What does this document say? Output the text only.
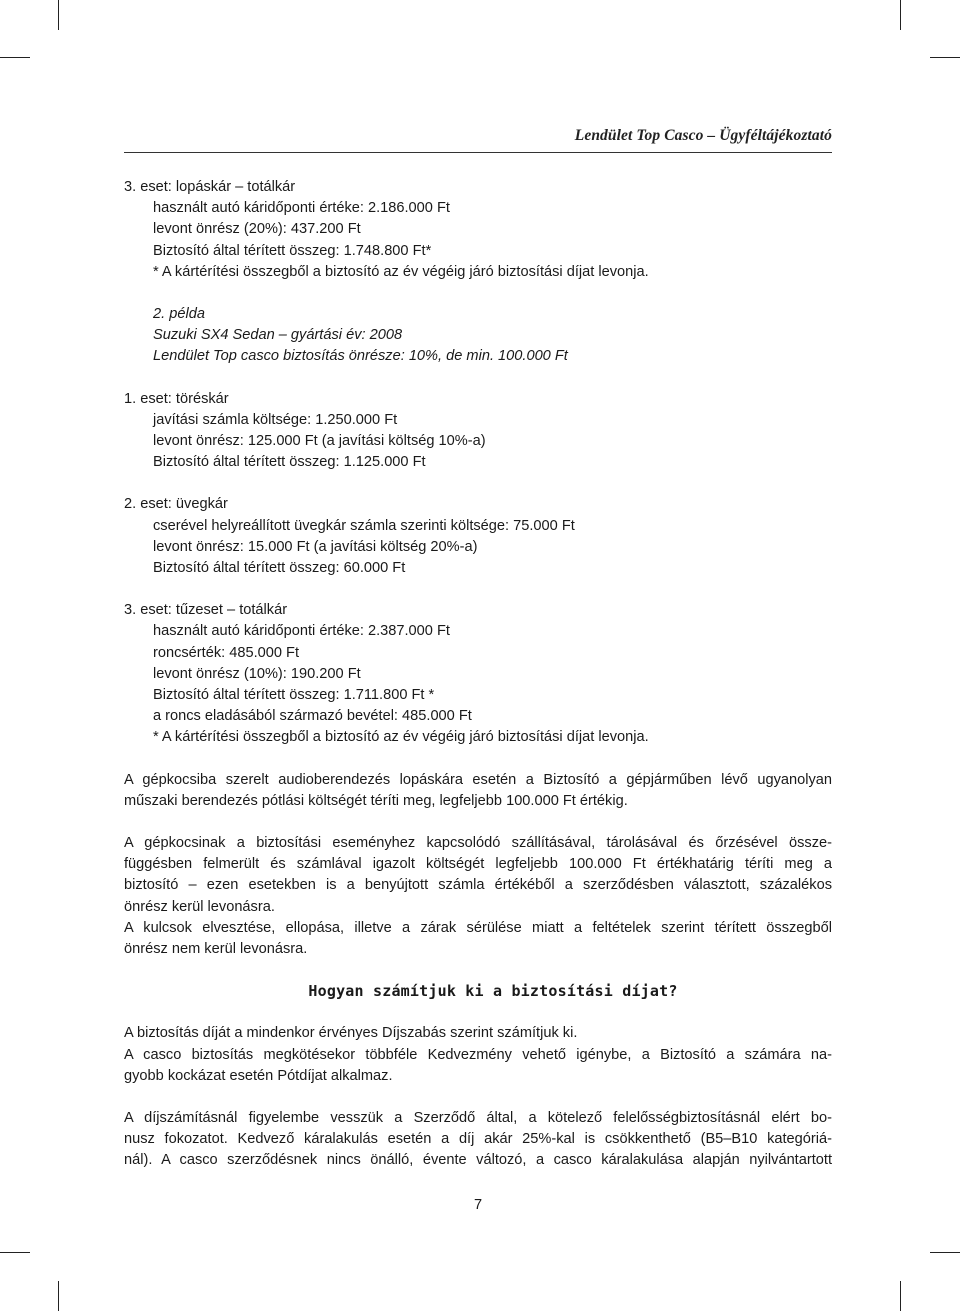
Lendület Top Casco – Ügyféltájékoztató
3. eset: lopáskár – totálkár
használt autó káridőponti értéke: 2.186.000 Ft
levont önrész (20%): 437.200 Ft
Biztosító által térített összeg: 1.748.800 Ft*
* A kártérítési összegből a biztosító az év végéig járó biztosítási díjat levonja.
2. példa
Suzuki SX4 Sedan – gyártási év: 2008
Lendület Top casco biztosítás önrésze: 10%, de min. 100.000 Ft
1. eset: töréskár
javítási számla költsége: 1.250.000 Ft
levont önrész: 125.000 Ft (a javítási költség 10%-a)
Biztosító által térített összeg: 1.125.000 Ft
2. eset: üvegkár
cserével helyreállított üvegkár számla szerinti költsége: 75.000 Ft
levont önrész: 15.000 Ft (a javítási költség 20%-a)
Biztosító által térített összeg: 60.000 Ft
3. eset: tűzeset – totálkár
használt autó káridőponti értéke: 2.387.000 Ft
roncsérték: 485.000 Ft
levont önrész (10%): 190.200 Ft
Biztosító által térített összeg: 1.711.800 Ft *
a roncs eladásából származó bevétel: 485.000 Ft
* A kártérítési összegből a biztosító az év végéig járó biztosítási díjat levonja.
A gépkocsiba szerelt audioberendezés lopáskára esetén a Biztosító a gépjárműben lévő ugyanolyan
műszaki berendezés pótlási költségét téríti meg, legfeljebb 100.000 Ft értékig.
A gépkocsinak a biztosítási eseményhez kapcsolódó szállításával, tárolásával és őrzésével össze-
függésben felmerült és számlával igazolt költségét legfeljebb 100.000 Ft értékhatárig téríti meg a
biztosító – ezen esetekben is a benyújtott számla értékéből a szerződésben választott, százalékos
önrész kerül levonásra.
A kulcsok elvesztése, ellopása, illetve a zárak sérülése miatt a feltételek szerint térített összegből
önrész nem kerül levonásra.
Hogyan számítjuk ki a biztosítási díjat?
A biztosítás díját a mindenkor érvényes Díjszabás szerint számítjuk ki.
A casco biztosítás megkötésekor többféle Kedvezmény vehető igénybe, a Biztosító a számára na-
gyobb kockázat esetén Pótdíjat alkalmaz.
A díjszámításnál figyelembe vesszük a Szerződő által, a kötelező felelősségbiztosításnál elért bo-
nusz fokozatot. Kedvező káralakulás esetén a díj akár 25%-kal is csökkenthető (B5–B10 kategóriá-
nál). A casco szerződésnek nincs önálló, évente változó, a casco káralakulása alapján nyilvántartott
7
